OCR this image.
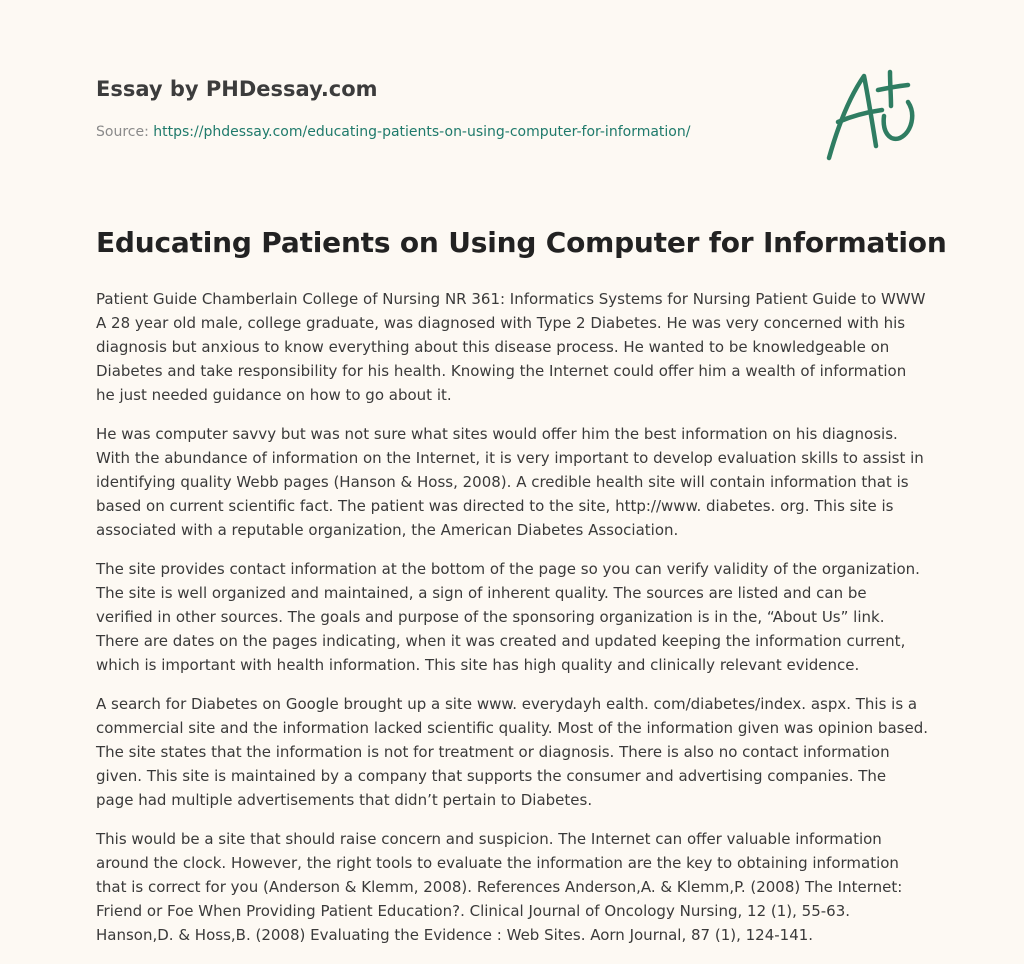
Essay by PHDessay.com
Source: https://phdessay.com/educating-patients-on-using-computer-for-information/
Educating Patients on Using Computer for Information

Patient Guide Chamberlain College of Nursing NR 361: Informatics Systems for Nursing Patient Guide to WWW A 28 year old male, college graduate, was diagnosed with Type 2 Diabetes. He was very concerned with his diagnosis but anxious to know everything about this disease process. He wanted to be knowledgeable on Diabetes and take responsibility for his health. Knowing the Internet could offer him a wealth of information he just needed guidance on how to go about it.

He was computer savvy but was not sure what sites would offer him the best information on his diagnosis. With the abundance of information on the Internet, it is very important to develop evaluation skills to assist in identifying quality Webb pages (Hanson & Hoss, 2008). A credible health site will contain information that is based on current scientific fact. The patient was directed to the site, http://www. diabetes. org. This site is associated with a reputable organization, the American Diabetes Association.

The site provides contact information at the bottom of the page so you can verify validity of the organization. The site is well organized and maintained, a sign of inherent quality. The sources are listed and can be verified in other sources. The goals and purpose of the sponsoring organization is in the, “About Us” link. There are dates on the pages indicating, when it was created and updated keeping the information current, which is important with health information. This site has high quality and clinically relevant evidence.

A search for Diabetes on Google brought up a site www. everydayh ealth. com/diabetes/index. aspx. This is a commercial site and the information lacked scientific quality. Most of the information given was opinion based. The site states that the information is not for treatment or diagnosis. There is also no contact information given. This site is maintained by a company that supports the consumer and advertising companies. The page had multiple advertisements that didn’t pertain to Diabetes.

This would be a site that should raise concern and suspicion. The Internet can offer valuable information around the clock. However, the right tools to evaluate the information are the key to obtaining information that is correct for you (Anderson & Klemm, 2008). References Anderson,A. & Klemm,P. (2008) The Internet: Friend or Foe When Providing Patient Education?. Clinical Journal of Oncology Nursing, 12 (1), 55-63. Hanson,D. & Hoss,B. (2008) Evaluating the Evidence : Web Sites. Aorn Journal, 87 (1), 124-141.
